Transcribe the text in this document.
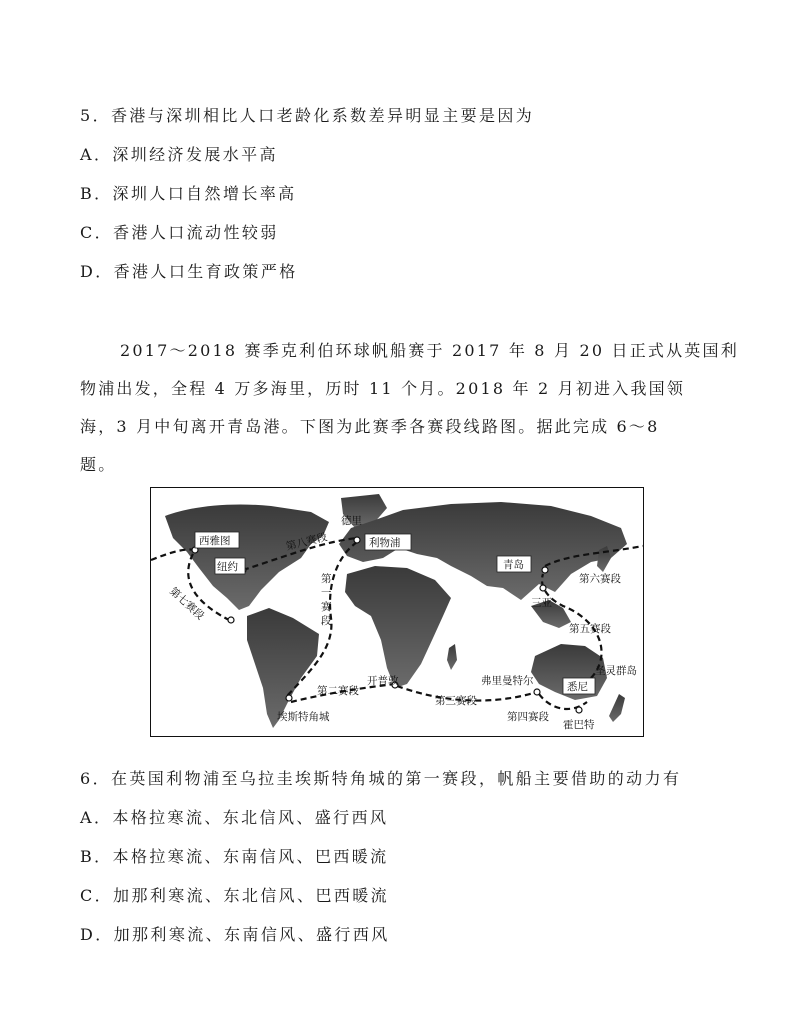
5．香港与深圳相比人口老龄化系数差异明显主要是因为
A．深圳经济发展水平高
B．深圳人口自然增长率高
C．香港人口流动性较弱
D．香港人口生育政策严格
2017～2018 赛季克利伯环球帆船赛于 2017 年 8 月 20 日正式从英国利
物浦出发，全程 4 万多海里，历时 11 个月。2018 年 2 月初进入我国领
海，3 月中旬离开青岛港。下图为此赛季各赛段线路图。据此完成 6～8
题。
西雅图
纽约
利物浦
青岛
悉尼
德里
三亚
开普敦
埃斯特角城
弗里曼特尔
圣灵群岛
霍巴特
第八赛段
第
一
赛
段
第二赛段
第三赛段
第四赛段
第五赛段
第六赛段
第七赛段
6．在英国利物浦至乌拉圭埃斯特角城的第一赛段，帆船主要借助的动力有
A．本格拉寒流、东北信风、盛行西风
B．本格拉寒流、东南信风、巴西暖流
C．加那利寒流、东北信风、巴西暖流
D．加那利寒流、东南信风、盛行西风
